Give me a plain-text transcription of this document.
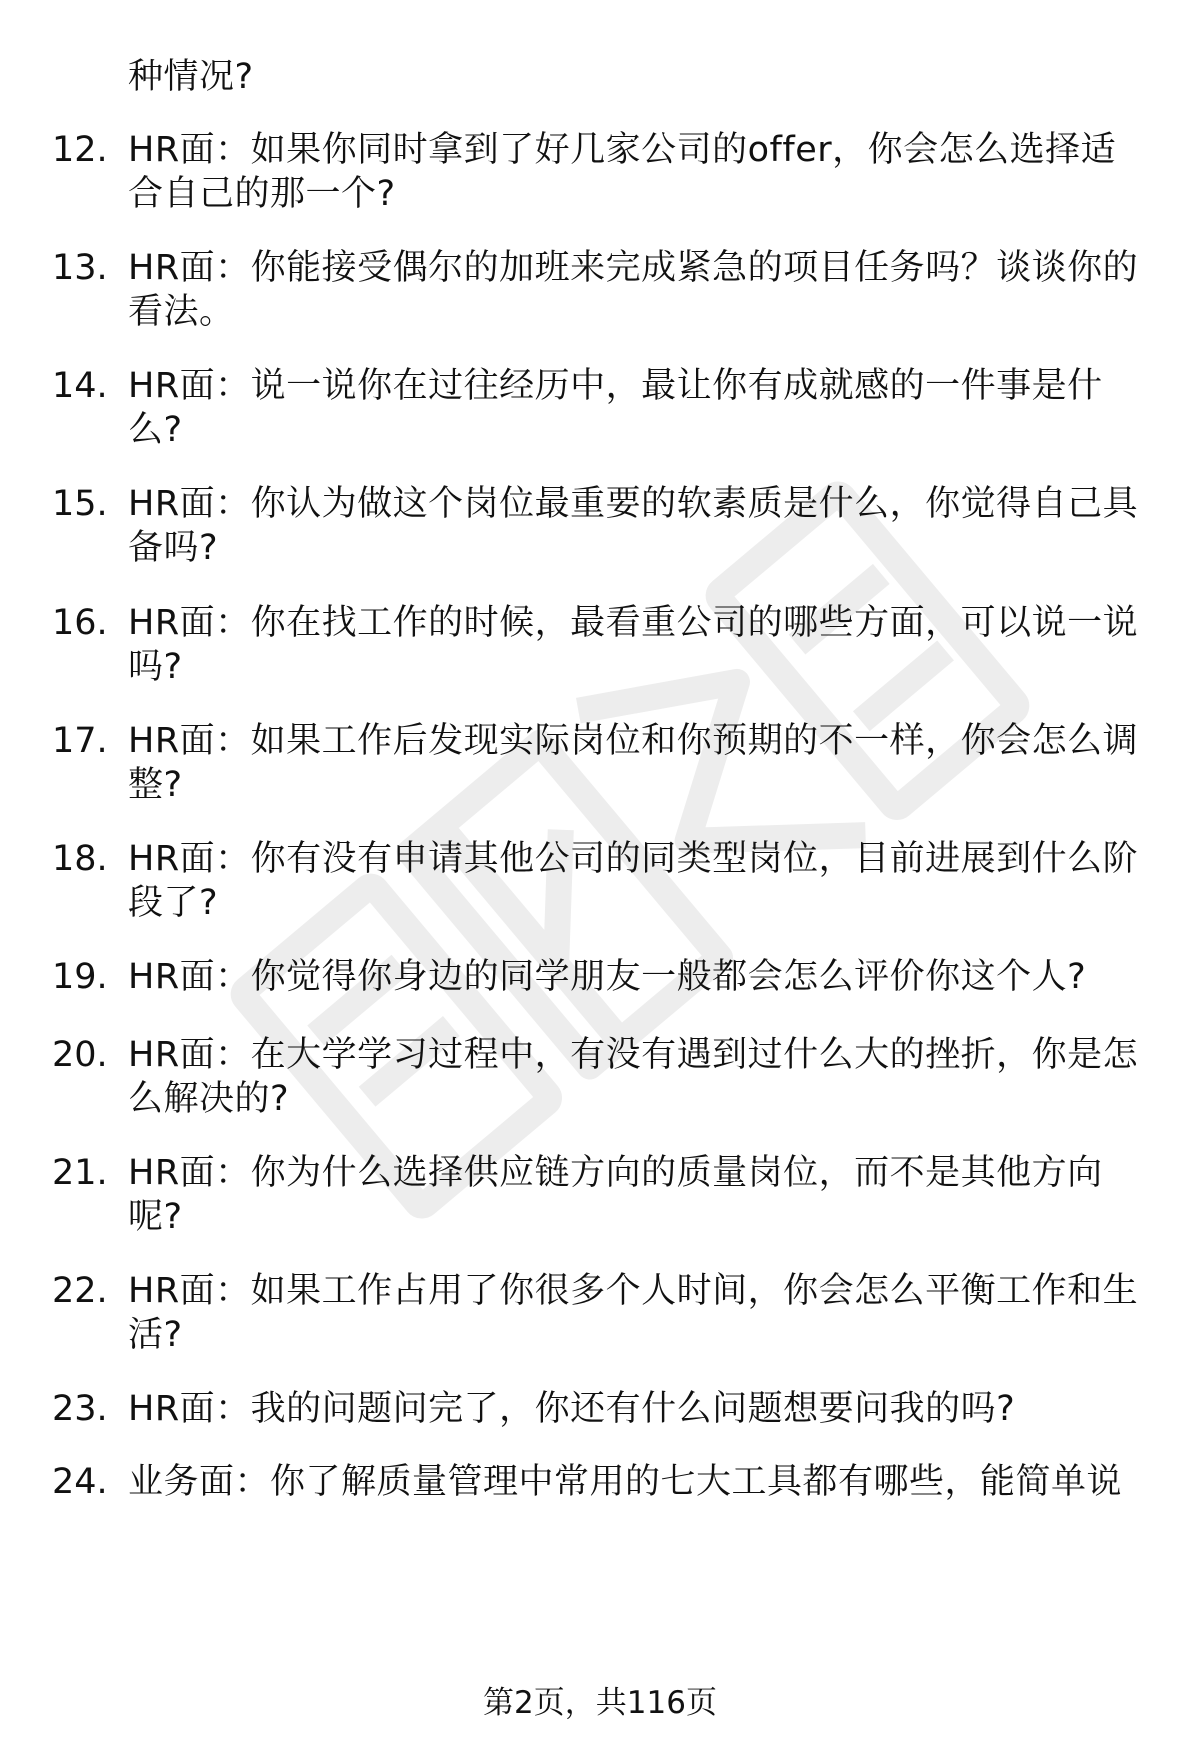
种情况?
12. HR面：如果你同时拿到了好几家公司的offer，你会怎么选择适
合自己的那一个?
13. HR面：你能接受偶尔的加班来完成紧急的项目任务吗？谈谈你的
看法。
14. HR面：说一说你在过往经历中，最让你有成就感的一件事是什
么?
15. HR面：你认为做这个岗位最重要的软素质是什么，你觉得自己具
备吗?
16. HR面：你在找工作的时候，最看重公司的哪些方面，可以说一说
吗?
17. HR面：如果工作后发现实际岗位和你预期的不一样，你会怎么调
整?
18. HR面：你有没有申请其他公司的同类型岗位，目前进展到什么阶
段了?
19. HR面：你觉得你身边的同学朋友一般都会怎么评价你这个人?
20. HR面：在大学学习过程中，有没有遇到过什么大的挫折，你是怎
么解决的?
21. HR面：你为什么选择供应链方向的质量岗位，而不是其他方向
呢?
22. HR面：如果工作占用了你很多个人时间，你会怎么平衡工作和生
活?
23. HR面：我的问题问完了，你还有什么问题想要问我的吗?
24. 业务面：你了解质量管理中常用的七大工具都有哪些，能简单说
第2页，共116页
